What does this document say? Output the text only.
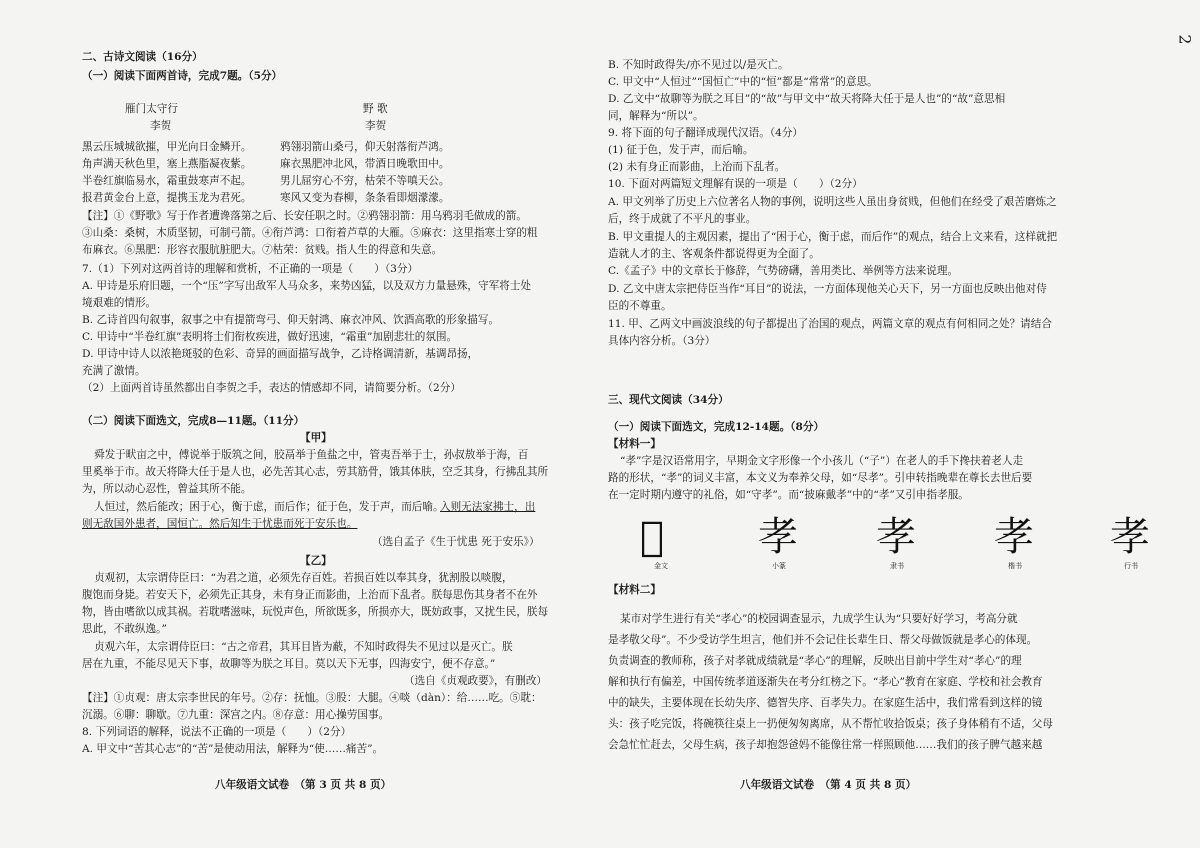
2
八年级语文试卷　（第 3 页 共 8 页）
二、古诗文阅读（16分）
（一）阅读下面两首诗，完成7题。（5分）
雁门太守行	野 歌
李贺	李贺
黑云压城城欲摧，甲光向日金鳞开。	鸦翎羽箭山桑弓，仰天射落衔芦鸿。
角声满天秋色里，塞上燕脂凝夜紫。	麻衣黑肥冲北风，带酒日晚歌田中。
半卷红旗临易水，霜重鼓寒声不起。	男儿屈穷心不穷，枯荣不等嗔天公。
报君黄金台上意，提携玉龙为君死。	寒风又变为春柳，条条看即烟濛濛。
【注】①《野歌》写于作者遭谗落第之后、长安任职之时。②鸦翎羽箭：用乌鸦羽毛做成的箭。
③山桑：桑树，木质坚韧，可制弓箭。④衔芦鸿：口衔着芦草的大雁。⑤麻衣：这里指寒士穿的粗
布麻衣。⑥黑肥：形容衣服肮脏肥大。⑦枯荣：贫贱。指人生的得意和失意。
7.（1）下列对这两首诗的理解和赏析，不正确的一项是（　　）（3分）
A. 甲诗是乐府旧题，一个“压”字写出敌军人马众多，来势凶猛，以及双方力量悬殊，守军将士处
境艰难的情形。
B. 乙诗首四句叙事，叙事之中有提箭弯弓、仰天射鸿、麻衣冲风、饮酒高歌的形象描写。
C. 甲诗中“半卷红旗”表明将士们衔枚疾进，做好迅速，“霜重”加剧悲壮的氛围。
D. 甲诗中诗人以浓艳斑驳的色彩、奇异的画面描写战争，乙诗格调清新，基调昂扬，
充满了激情。
（2）上面两首诗虽然都出自李贺之手，表达的情感却不同，请简要分析。（2分）
（二）阅读下面选文，完成8—11题。（11分）
【甲】
舜发于畎亩之中，傅说举于版筑之间，胶鬲举于鱼盐之中，管夷吾举于士，孙叔敖举于海，百
里奚举于市。故天将降大任于是人也，必先苦其心志，劳其筋骨，饿其体肤，空乏其身，行拂乱其所
为，所以动心忍性，曾益其所不能。
人恒过，然后能改；困于心，衡于虑，而后作；征于色，发于声，而后喻。
入则无法家拂士，出
则无敌国外患者，国恒亡。然后知生于忧患而死于安乐也。
（选自孟子《生于忧患 死于安乐》）
【乙】
贞观初，太宗谓侍臣曰：“为君之道，必须先存百姓。若损百姓以奉其身，犹割股以啖腹，
腹饱而身毙。若安天下，必须先正其身，未有身正而影曲，上治而下乱者。朕每思伤其身者不在外
物，皆由嗜欲以成其祸。若耽嗜滋味，玩悦声色，所欲既多，所损亦大，既妨政事，又扰生民，朕每
思此，不敢纵逸。”
贞观六年，太宗谓侍臣曰：“古之帝君，其耳目皆为蔽，不知时政得失不见过以是灭亡。朕
居在九重，不能尽见天下事，故聊等为朕之耳目。莫以天下无事，四海安宁，便不存意。”
（选自《贞观政要》，有删改）
【注】①贞观：唐太宗李世民的年号。②存：抚恤。③股：大腿。④啖（dàn）：给……吃。⑤耽：
沉溺。⑥聊：聊歇。⑦九重：深宫之内。⑧存意：用心操劳国事。
8. 下列词语的解释，说法不正确的一项是（　　）（2分）
A. 甲文中“苦其心志”的“苦”是使动用法，解释为“使……痛苦”。
𦓏
金文
孝
小篆
孝
隶书
孝
楷书
孝
行书
八年级语文试卷　（第 4 页 共 8 页）
B. 不知时政得失/亦不见过以/是灭亡。
C. 甲文中“人恒过”“国恒亡”中的“恒”都是“常常”的意思。
D. 乙文中“故聊等为朕之耳目”的“故”与甲文中“故天将降大任于是人也”的“故”意思相
同，解释为“所以”。
9. 将下面的句子翻译成现代汉语。（4分）
(1) 征于色，发于声，而后喻。
(2) 未有身正而影曲，上治而下乱者。
10. 下面对两篇短文理解有误的一项是（　　）（2分）
A. 甲文列举了历史上六位著名人物的事例，说明这些人虽出身贫贱，但他们在经受了艰苦磨炼之
后，终于成就了不平凡的事业。
B. 甲文重提人的主观因素，提出了“困于心，衡于虑，而后作”的观点，结合上文来看，这样就把
造就人才的主、客观条件都说得更为全面了。
C.《孟子》中的文章长于修辞，气势磅礴，善用类比、举例等方法来说理。
D. 乙文中唐太宗把侍臣当作“耳目”的说法，一方面体现他关心天下，另一方面也反映出他对侍
臣的不尊重。
11. 甲、乙两文中画波浪线的句子都提出了治国的观点，两篇文章的观点有何相同之处？请结合
具体内容分析。（3分）
三、现代文阅读（34分）
（一）阅读下面选文，完成12-14题。（8分）
【材料一】
“孝”字是汉语常用字，早期金文字形像一个小孩儿（“子”）在老人的手下搀扶着老人走
路的形状，“孝”的词义丰富，本文义为奉养父母，如“尽孝”。引申转指晚辈在尊长去世后要
在一定时期内遵守的礼俗，如“守孝”。而“披麻戴孝”中的“孝”又引申指孝服。
【材料二】
某市对学生进行有关“孝心”的校园调查显示，九成学生认为“只要好好学习，考高分就
是孝敬父母”。不少受访学生坦言，他们并不会记住长辈生日、帮父母做饭就是孝心的体现。
负责调查的教师称，孩子对孝就成绩就是“孝心”的理解，反映出目前中学生对“孝心”的理
解和执行有偏差，中国传统孝道逐渐失在考分红榜之下。“孝心”教育在家庭、学校和社会教育
中的缺失，主要体现在长幼失序、德智失序、百孝失力。在家庭生活中，我们常看到这样的镜
头：孩子吃完饭，将碗筷往桌上一扔便匆匆离席，从不帮忙收拾饭桌；孩子身体稍有不适，父母
会急忙忙赶去，父母生病，孩子却抱怨爸妈不能像往常一样照顾他……我们的孩子脾气越来越
